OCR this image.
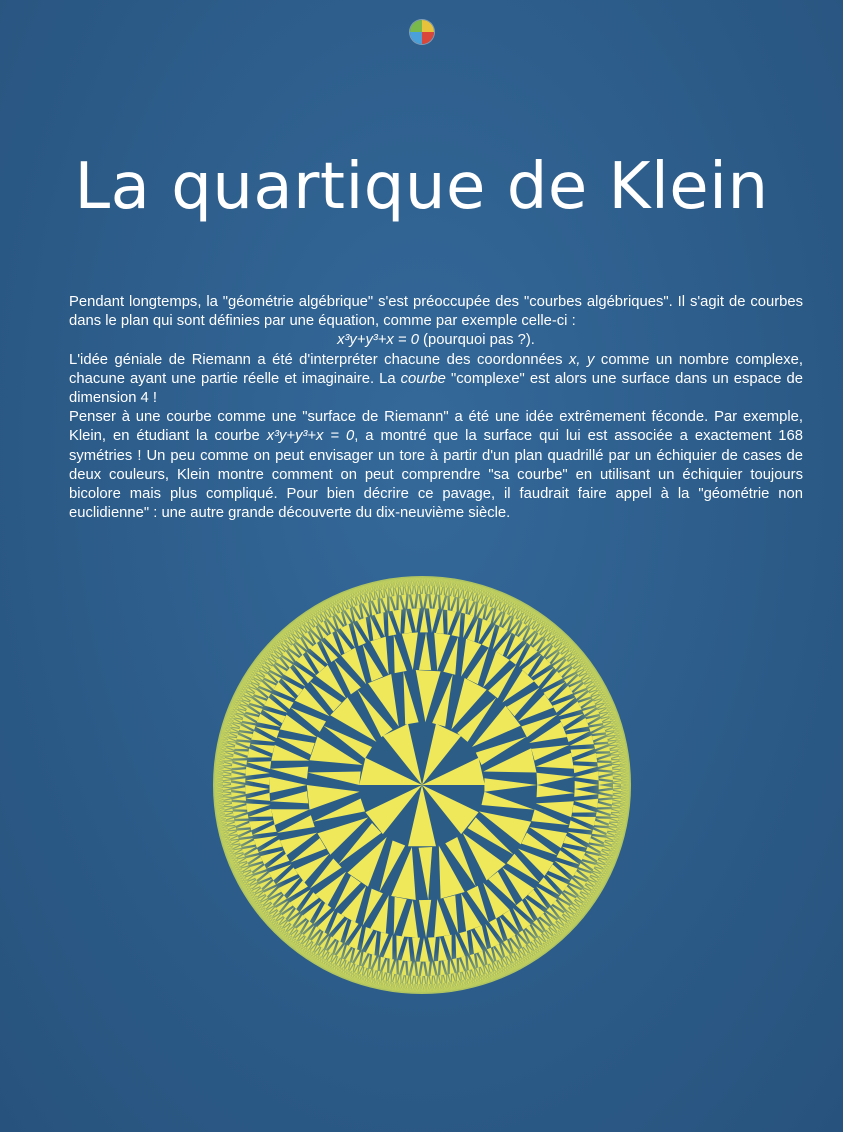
La quartique de Klein

Pendant longtemps, la "géométrie algébrique" s'est préoccupée des "courbes algébriques". Il s'agit de courbes dans le plan qui sont définies par une équation, comme par exemple celle-ci :

x³y+y³+x = 0 (pourquoi pas ?).

L'idée géniale de Riemann a été d'interpréter chacune des coordonnées x, y comme un nombre complexe, chacune ayant une partie réelle et imaginaire. La courbe "complexe" est alors une surface dans un espace de dimension 4 !

Penser à une courbe comme une "surface de Riemann" a été une idée extrêmement féconde. Par exemple, Klein, en étudiant la courbe x³y+y³+x = 0, a montré que la surface qui lui est associée a exactement 168 symétries ! Un peu comme on peut envisager un tore à partir d'un plan quadrillé par un échiquier de cases de deux couleurs, Klein montre comment on peut comprendre "sa courbe" en utilisant un échiquier toujours bicolore mais plus compliqué. Pour bien décrire ce pavage, il faudrait faire appel à la "géométrie non euclidienne" : une autre grande découverte du dix-neuvième siècle.
